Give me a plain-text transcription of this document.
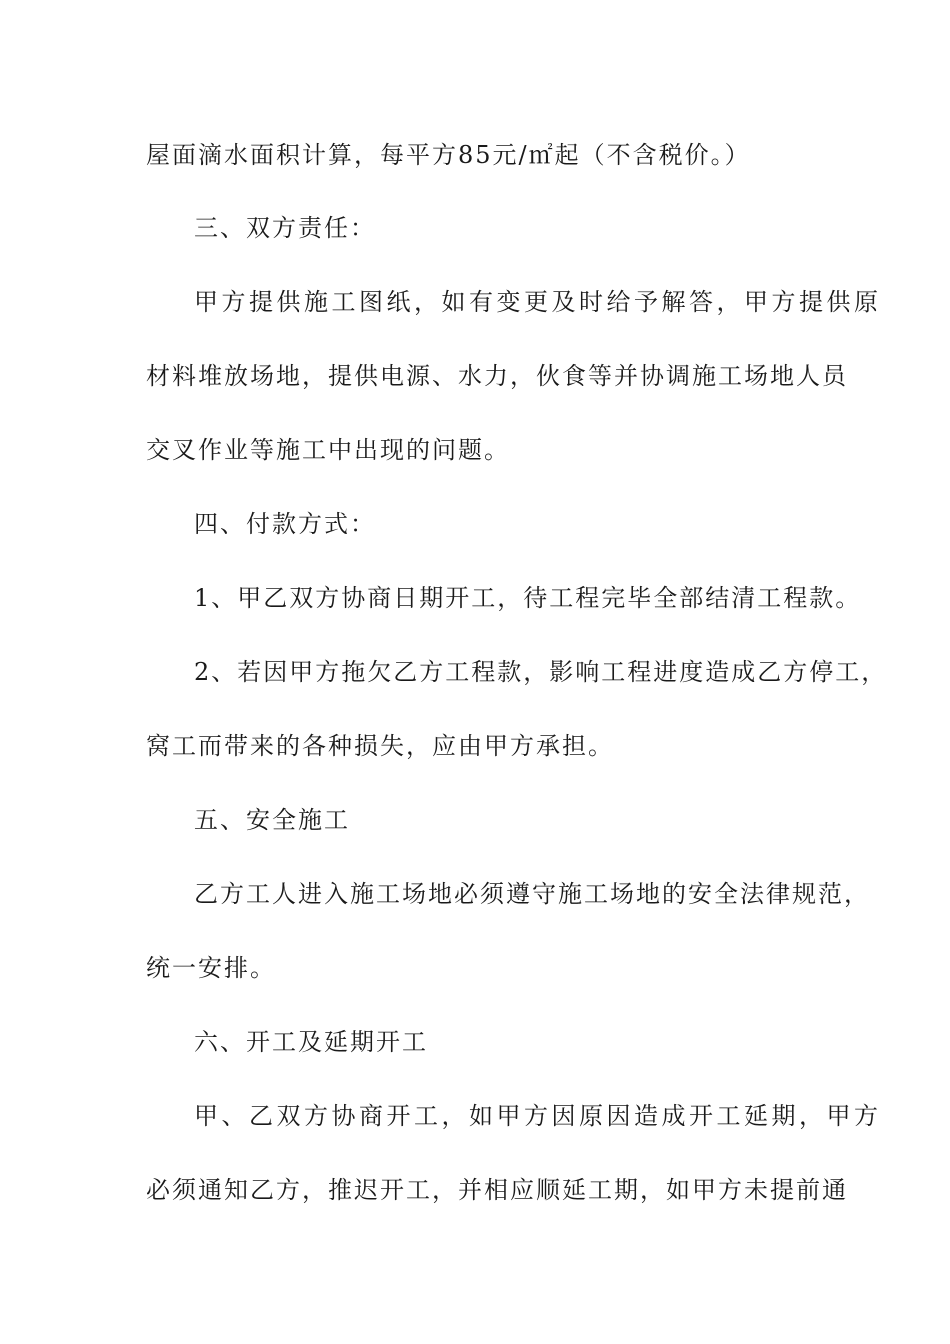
屋面滴水面积计算，每平方85元/㎡起（不含税价。）
三、双方责任：
甲方提供施工图纸，如有变更及时给予解答，甲方提供原
材料堆放场地，提供电源、水力，伙食等并协调施工场地人员
交叉作业等施工中出现的问题。
四、付款方式：
1、甲乙双方协商日期开工，待工程完毕全部结清工程款。
2、若因甲方拖欠乙方工程款，影响工程进度造成乙方停工，
窝工而带来的各种损失，应由甲方承担。
五、安全施工
乙方工人进入施工场地必须遵守施工场地的安全法律规范，
统一安排。
六、开工及延期开工
甲、乙双方协商开工，如甲方因原因造成开工延期，甲方
必须通知乙方，推迟开工，并相应顺延工期，如甲方未提前通
